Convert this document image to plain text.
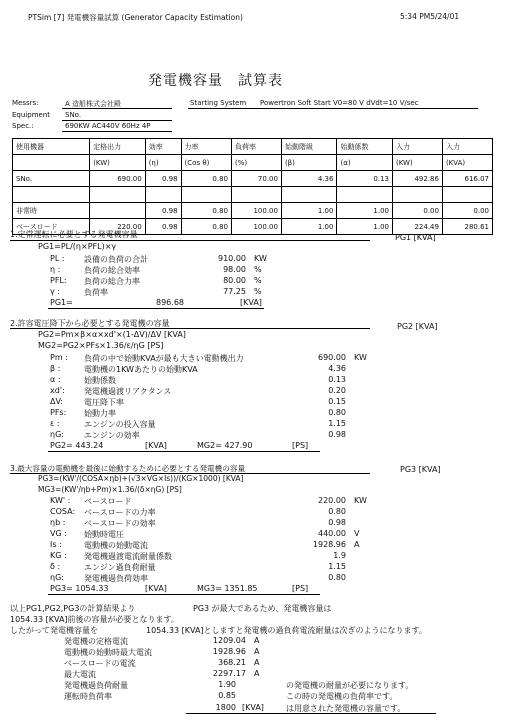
PTSim [7] 発電機容量試算 (Generator Capacity Estimation)	5:34 PM5/24/01
発電機容量　試算表
Messrs:	A 造船株式会社殿
Equipment SNo.
Spec.:	690KW AC440V 60Hz 4P
Starting System Powertron Soft Start V0=80 V dVdt=10 V/sec
使用機器	定格出力	効率	力率	負荷率	始動階級	始動係数	入力	入力
	(KW)	(η)	(Cos θ)	(%)	(β)	(α)	(KW)	(KVA)
SNo.	690.00	0.98	0.80	70.00	4.36	0.13	492.86	616.07

非常時		0.98	0.80	100.00	1.00	1.00	0.00	0.00
ベースロード	220.00	0.98	0.80	100.00	1.00	1.00	224.49	280.61
1.定常運転に必要とする発電機容量	PG1 [KVA]
PG1=PL/(η×PFL)×γ
PL : 設備の負荷の合計	910.00 KW
η :	負荷の総合効率	98.00 %
PFL: 負荷の総合力率	80.00 %
γ :	負荷率	77.25 %
PG1=	896.68	[KVA]
2.許容電圧降下から必要とする発電機の容量	PG2 [KVA]
PG2=Pm×β×α×xd'×(1-ΔV)/ΔV [KVA]
MG2=PG2×PFs×1.36/ε/ηG [PS]
Pm : 負荷の中で始動KVAが最も大きい電動機出力	690.00 KW
β :	電動機の1KWあたりの始動KVA	4.36
α :	始動係数	0.13
xd': 発電機過渡リアクタンス	0.20
ΔV:	電圧降下率	0.15
PFs: 始動力率	0.80
ε :	エンジンの投入容量	1.15
ηG:	エンジンの効率	0.98
PG2= 443.24	[KVA]	MG2= 427.90	[PS]
3.最大容量の電動機を最後に始動するために必要とする発電機の容量	PG3 [KVA]
PG3=(KW'/(COSA×ηb)+(√3×VG×Is))/(KG×1000) [KVA]
MG3=(KW'/ηb+Pm)×1.36/(δ×ηG) [PS]
KW' : ベースロード	220.00 KW
COSA: ベースロードの力率	0.80
ηb : ベースロードの効率	0.98
VG : 始動時電圧	440.00 V
Is :	電動機の始動電流	1928.96 A
KG : 発電機過渡電流耐量係数	1.9
δ :	エンジン過負荷耐量	1.15
ηG:	発電機過負荷効率	0.80
PG3= 1054.33	[KVA]	MG3= 1351.85	[PS]
以上PG1,PG2,PG3の計算結果より	PG3 が最大であるため、発電機容量は
1054.33 [KVA]前後の容量が必要となります。
したがって発電機容量を	1054.33 [KVA]としますと発電機の過負荷電流耐量は次ぎのようになります。
発電機の定格電流	1209.04 A
電動機の始動時最大電流	1928.96 A
ベースロードの電流	368.21 A
最大電流	2297.17 A
発電機過負荷耐量	1.90	の発電機の耐量が必要になります。
運転時負荷率	0.85	この時の発電機の負荷率です。
1800 [KVA]	は用意された発電機の容量です。
